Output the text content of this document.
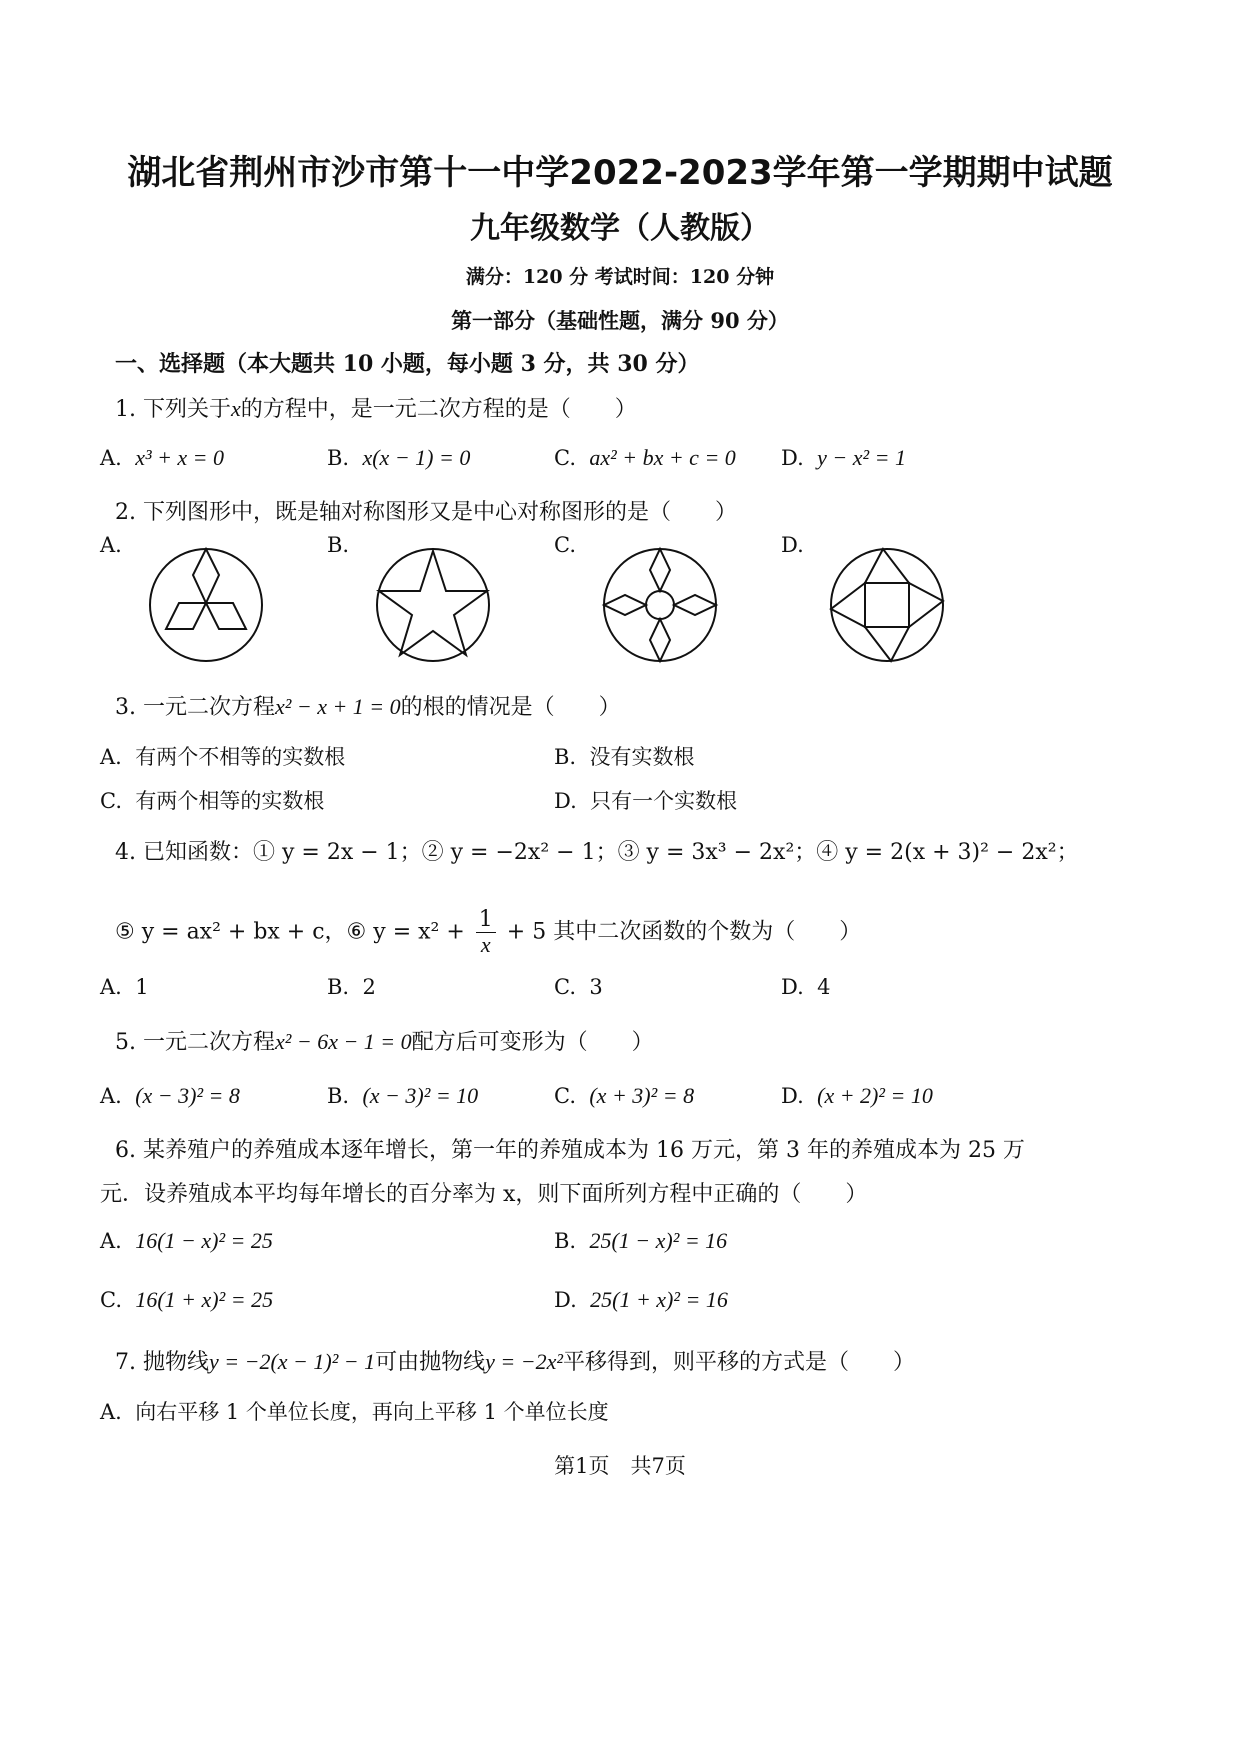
湖北省荆州市沙市第十一中学2022-2023学年第一学期期中试题
九年级数学（人教版）
满分：120 分 考试时间：120 分钟
第一部分（基础性题，满分 90 分）
一、选择题（本大题共 10 小题，每小题 3 分，共 30 分）
1. 下列关于x的方程中，是一元二次方程的是（　　）
A. x³ + x = 0	B. x(x − 1) = 0	C. ax² + bx + c = 0 D. y − x² = 1
2. 下列图形中，既是轴对称图形又是中心对称图形的是（　　）
A.	B.	C.	D.
3. 一元二次方程x² − x + 1 = 0的根的情况是（　　）
A. 有两个不相等的实数根	B. 没有实数根
C. 有两个相等的实数根	D. 只有一个实数根
4. 已知函数：① y = 2x − 1；② y = −2x² − 1；③ y = 3x³ − 2x²；④ y = 2(x + 3)² − 2x²；
⑤ y = ax² + bx + c，⑥ $y = x^2 + \frac{1}{x} + 5$ 其中二次函数的个数为（　　）
A. 1	B. 2	C. 3	D. 4
5. 一元二次方程x² − 6x − 1 = 0配方后可变形为（　　）
A. (x − 3)² = 8	B. (x − 3)² = 10	C. (x + 3)² = 8	D. (x + 2)² = 10
6. 某养殖户的养殖成本逐年增长，第一年的养殖成本为 16 万元，第 3 年的养殖成本为 25 万
元．设养殖成本平均每年增长的百分率为 x，则下面所列方程中正确的（　　）
A. 16(1 − x)² = 25	B. 25(1 − x)² = 16
C. 16(1 + x)² = 25	D. 25(1 + x)² = 16
7. 抛物线y = −2(x − 1)² − 1可由抛物线y = −2x²平移得到，则平移的方式是（　　）
A. 向右平移 1 个单位长度，再向上平移 1 个单位长度
第1页　共7页
